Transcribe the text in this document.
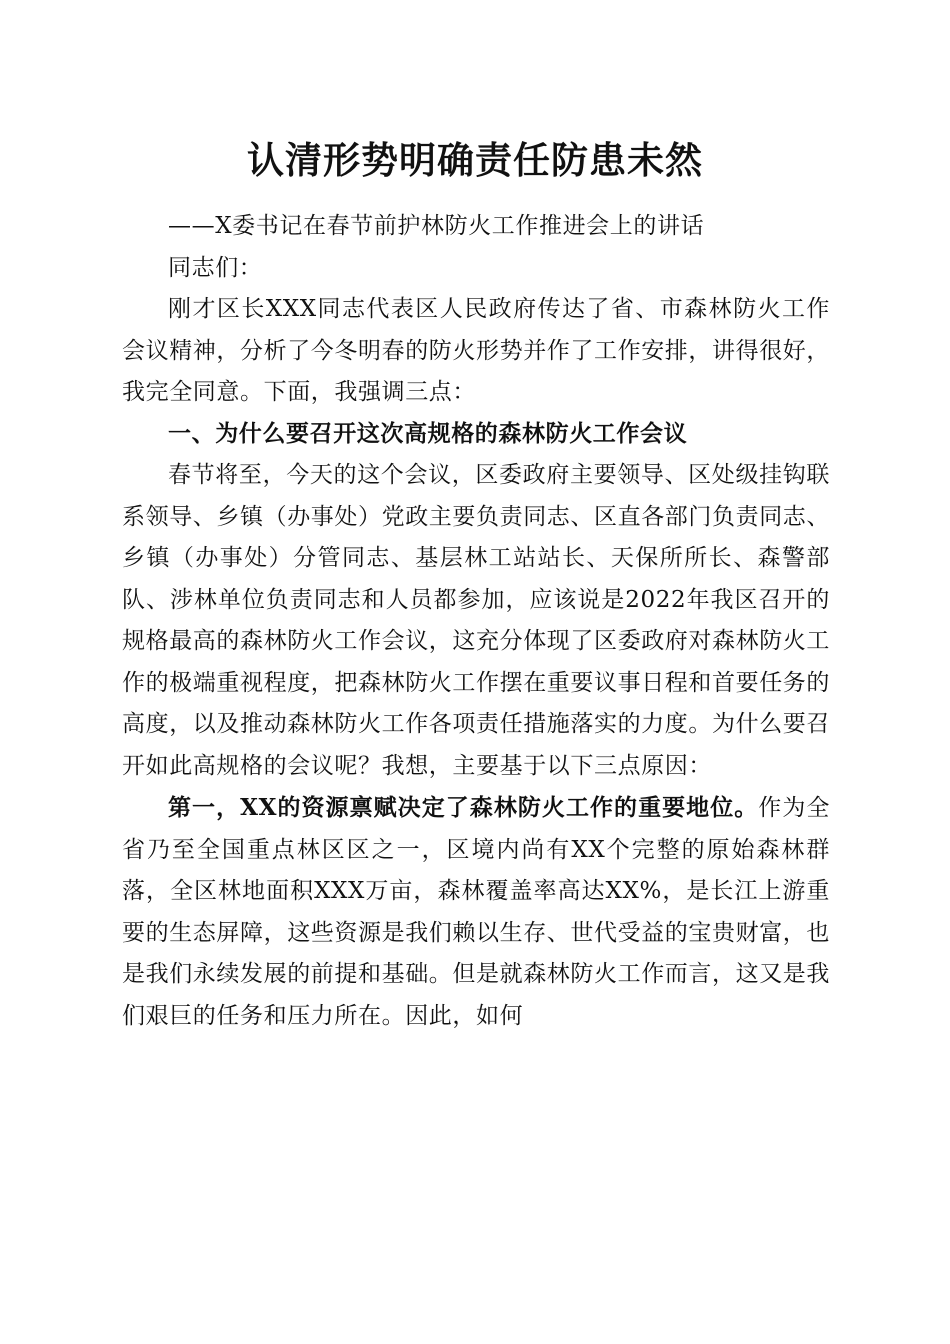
认清形势明确责任防患未然

——X委书记在春节前护林防火工作推进会上的讲话

同志们：

刚才区长XXX同志代表区人民政府传达了省、市森林防火工作会议精神，分析了今冬明春的防火形势并作了工作安排，讲得很好，我完全同意。下面，我强调三点：

一、为什么要召开这次高规格的森林防火工作会议

春节将至，今天的这个会议，区委政府主要领导、区处级挂钩联系领导、乡镇（办事处）党政主要负责同志、区直各部门负责同志、乡镇（办事处）分管同志、基层林工站站长、天保所所长、森警部队、涉林单位负责同志和人员都参加，应该说是2022年我区召开的规格最高的森林防火工作会议，这充分体现了区委政府对森林防火工作的极端重视程度，把森林防火工作摆在重要议事日程和首要任务的高度，以及推动森林防火工作各项责任措施落实的力度。为什么要召开如此高规格的会议呢？我想，主要基于以下三点原因：

第一，XX的资源禀赋决定了森林防火工作的重要地位。作为全省乃至全国重点林区区之一，区境内尚有XX个完整的原始森林群落，全区林地面积XXX万亩，森林覆盖率高达XX%，是长江上游重要的生态屏障，这些资源是我们赖以生存、世代受益的宝贵财富，也是我们永续发展的前提和基础。但是就森林防火工作而言，这又是我们艰巨的任务和压力所在。因此，如何
